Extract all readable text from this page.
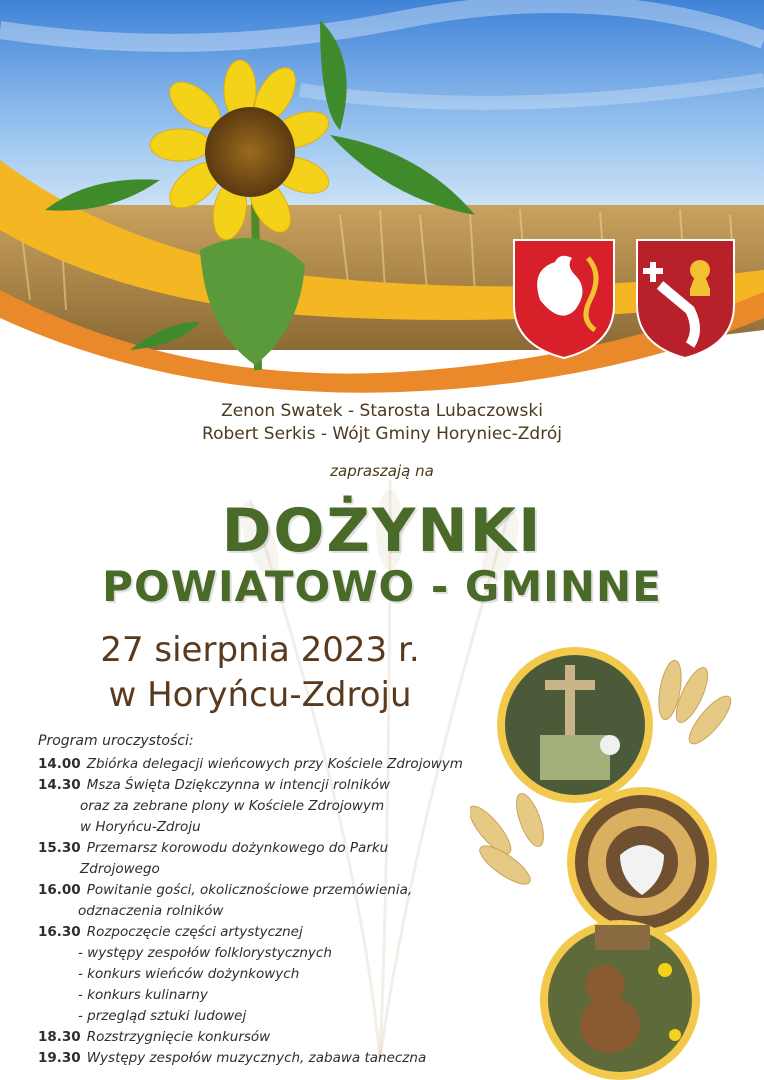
Zenon Swatek - Starosta Lubaczowski
Robert Serkis - Wójt Gminy Horyniec-Zdrój
zapraszają na
DOŻYNKI
POWIATOWO - GMINNE
27 sierpnia 2023 r.
w Horyńcu-Zdroju
Program uroczystości:
14.00 Zbiórka delegacji wieńcowych przy Kościele Zdrojowym
14.30 Msza Święta Dziękczynna w intencji rolników
oraz za zebrane plony w Kościele Zdrojowym
w Horyńcu-Zdroju
15.30 Przemarsz korowodu dożynkowego do Parku
Zdrojowego
16.00 Powitanie gości, okolicznościowe przemówienia,
odznaczenia rolników
16.30 Rozpoczęcie części artystycznej
- występy zespołów folklorystycznych
- konkurs wieńców dożynkowych
- konkurs kulinarny
- przegląd sztuki ludowej
18.30 Rozstrzygnięcie konkursów
19.30 Występy zespołów muzycznych, zabawa taneczna
